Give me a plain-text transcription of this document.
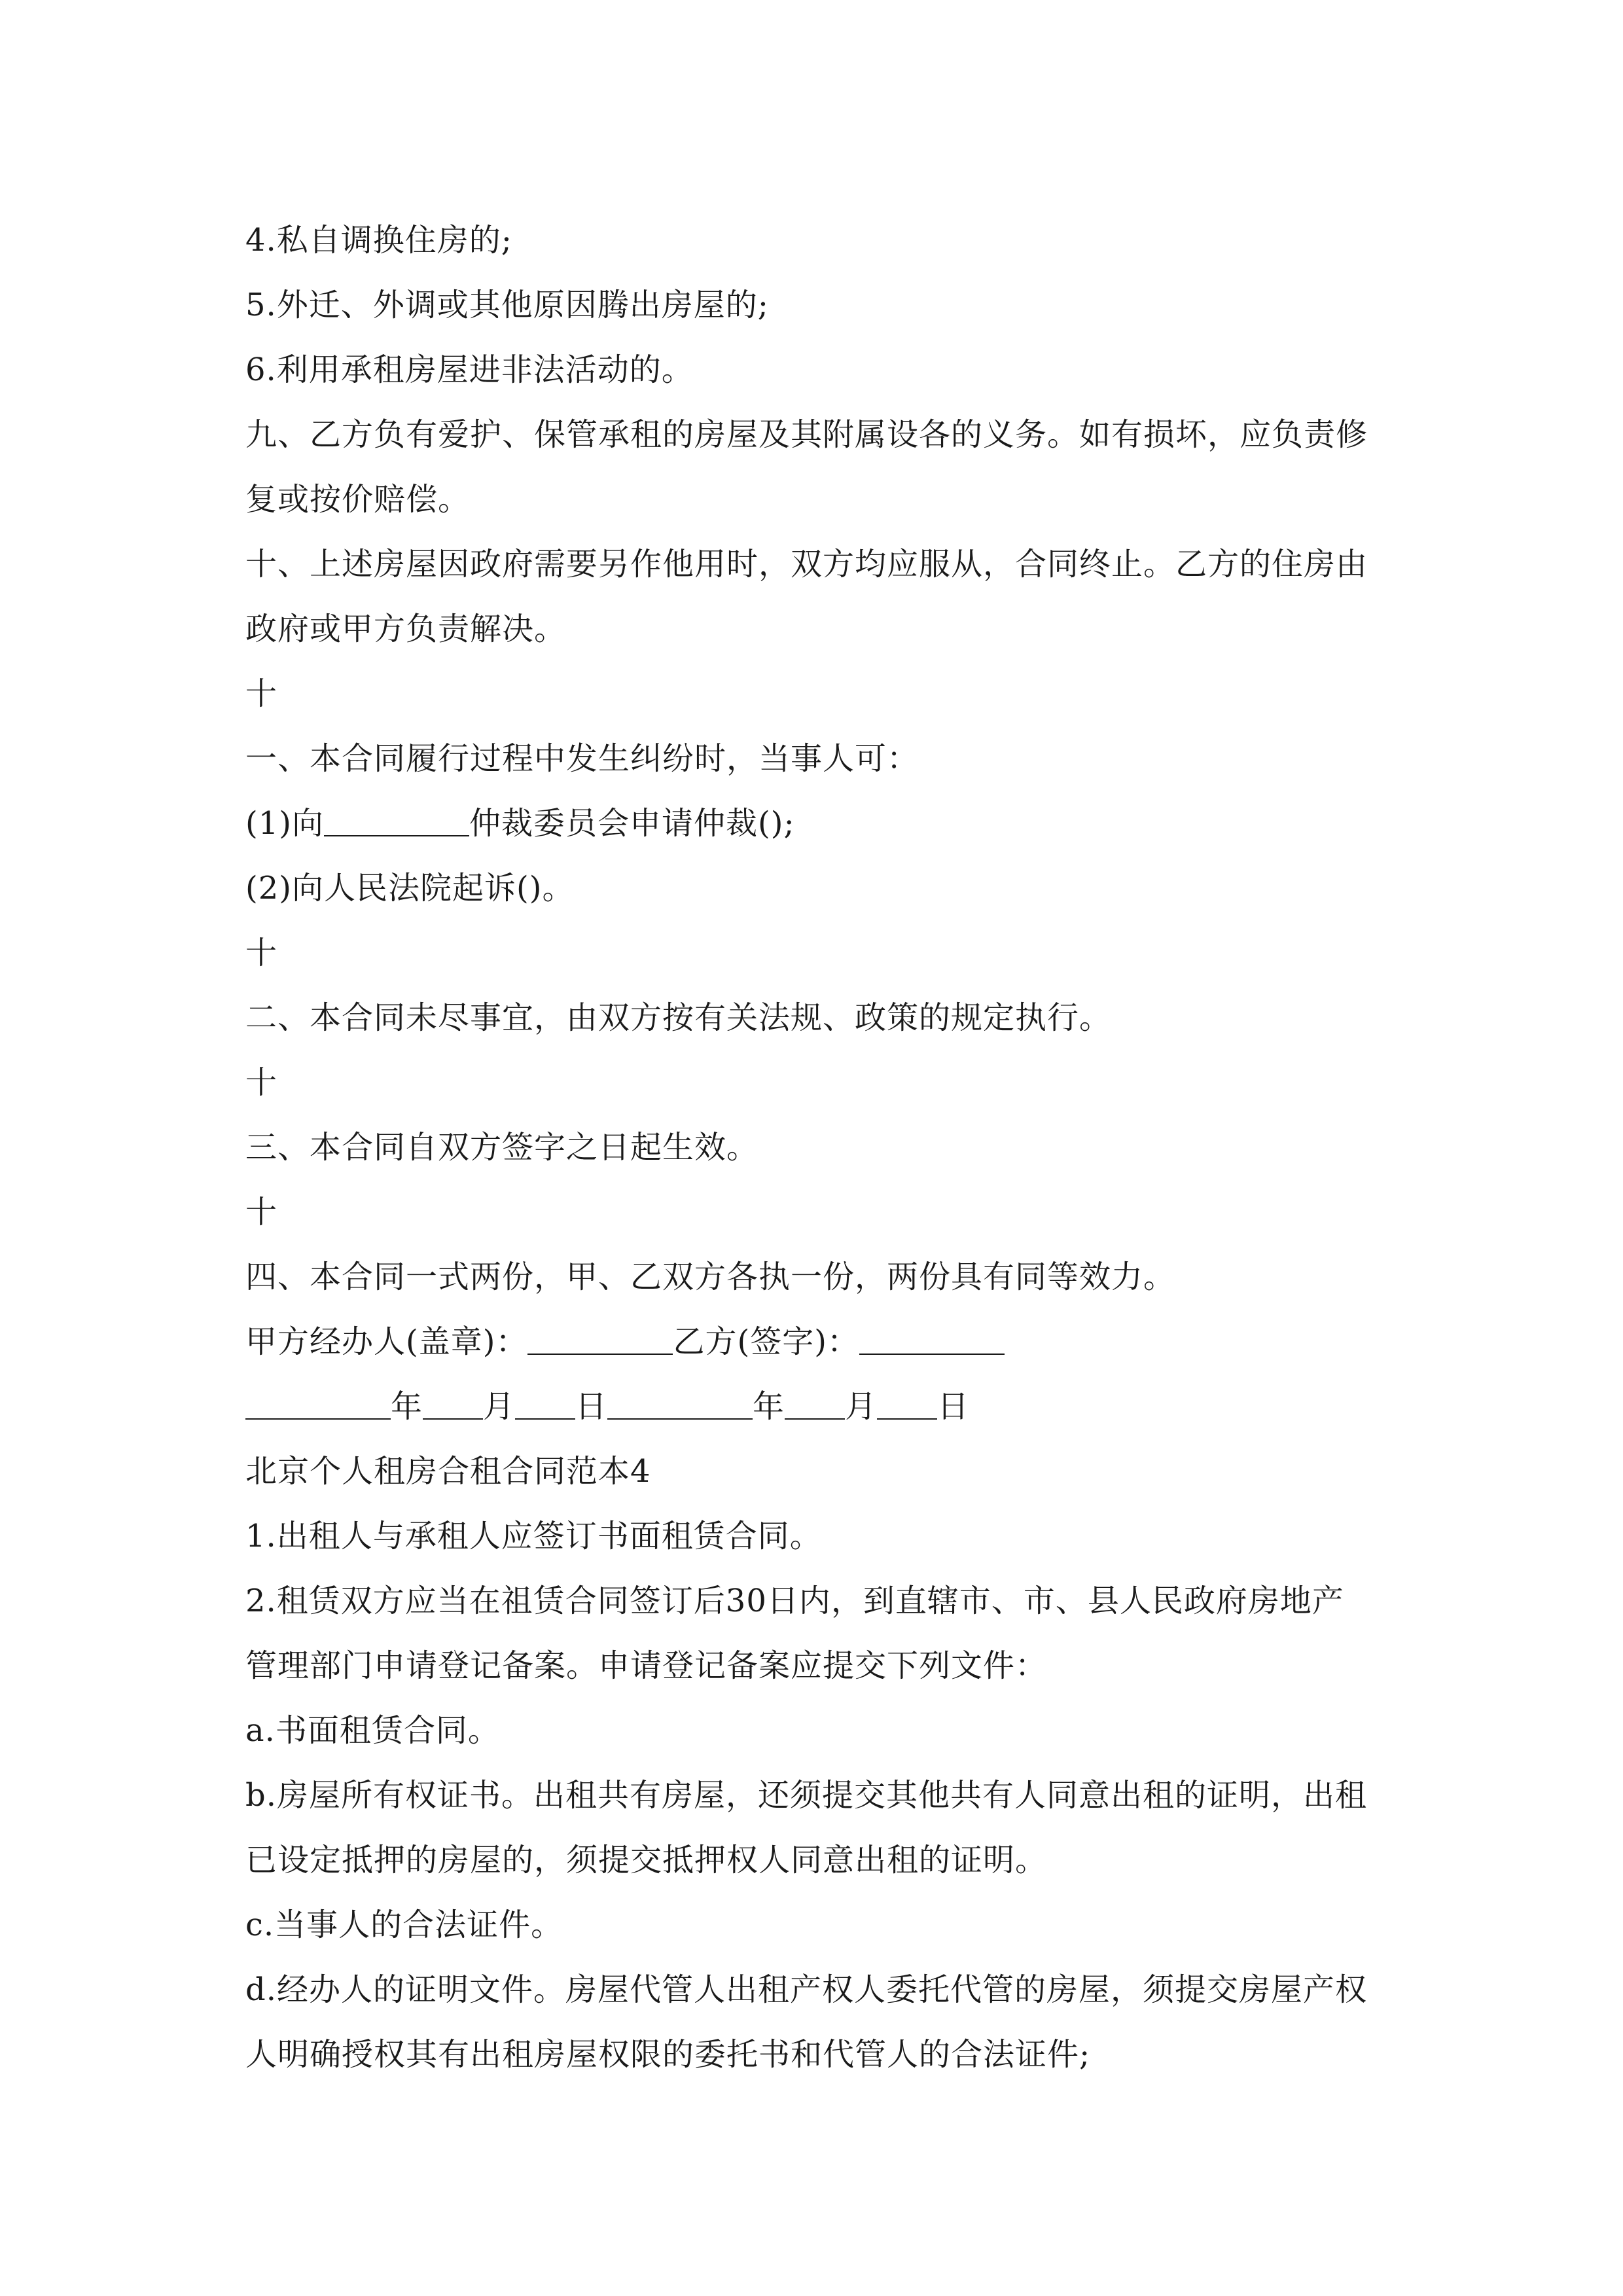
4.私自调换住房的;
5.外迁、外调或其他原因腾出房屋的;
6.利用承租房屋进非法活动的。
九、乙方负有爱护、保管承租的房屋及其附属设各的义务。如有损坏，应负责修
复或按价赔偿。
十、上述房屋因政府需要另作他用时，双方均应服从，合同终止。乙方的住房由
政府或甲方负责解决。
十
一、本合同履行过程中发生纠纷时，当事人可：
(1)向	仲裁委员会申请仲裁();
(2)向人民法院起诉()。
十
二、本合同未尽事宜，由双方按有关法规、政策的规定执行。
十
三、本合同自双方签字之日起生效。
十
四、本合同一式两份，甲、乙双方各执一份，两份具有同等效力。
甲方经办人(盖章)：	乙方(签字)：
年 月 日	年 月 日
北京个人租房合租合同范本4
1.出租人与承租人应签订书面租赁合同。
2.租赁双方应当在祖赁合同签订后30日内，到直辖市、市、县人民政府房地产
管理部门申请登记备案。申请登记备案应提交下列文件：
a.书面租赁合同。
b.房屋所有权证书。出租共有房屋，还须提交其他共有人同意出租的证明，出租
已设定抵押的房屋的，须提交抵押权人同意出租的证明。
c.当事人的合法证件。
d.经办人的证明文件。房屋代管人出租产权人委托代管的房屋，须提交房屋产权
人明确授权其有出租房屋权限的委托书和代管人的合法证件;
